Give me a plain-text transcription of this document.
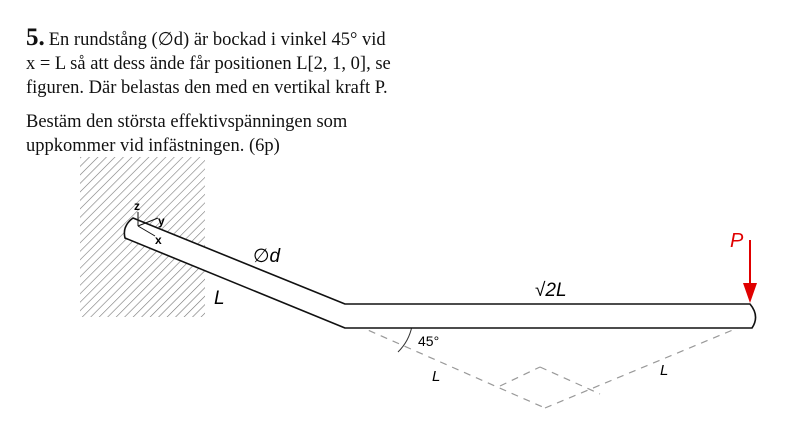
5. En rundstång (∅d) är bockad i vinkel 45° vid
x = L så att dess ände får positionen L[2, 1, 0], se
figuren. Där belastas den med en vertikal kraft P.
Bestäm den största effektivspänningen som
uppkommer vid infästningen. (6p)
z
y
x
∅d
L	√2L
45°
L	L
P
